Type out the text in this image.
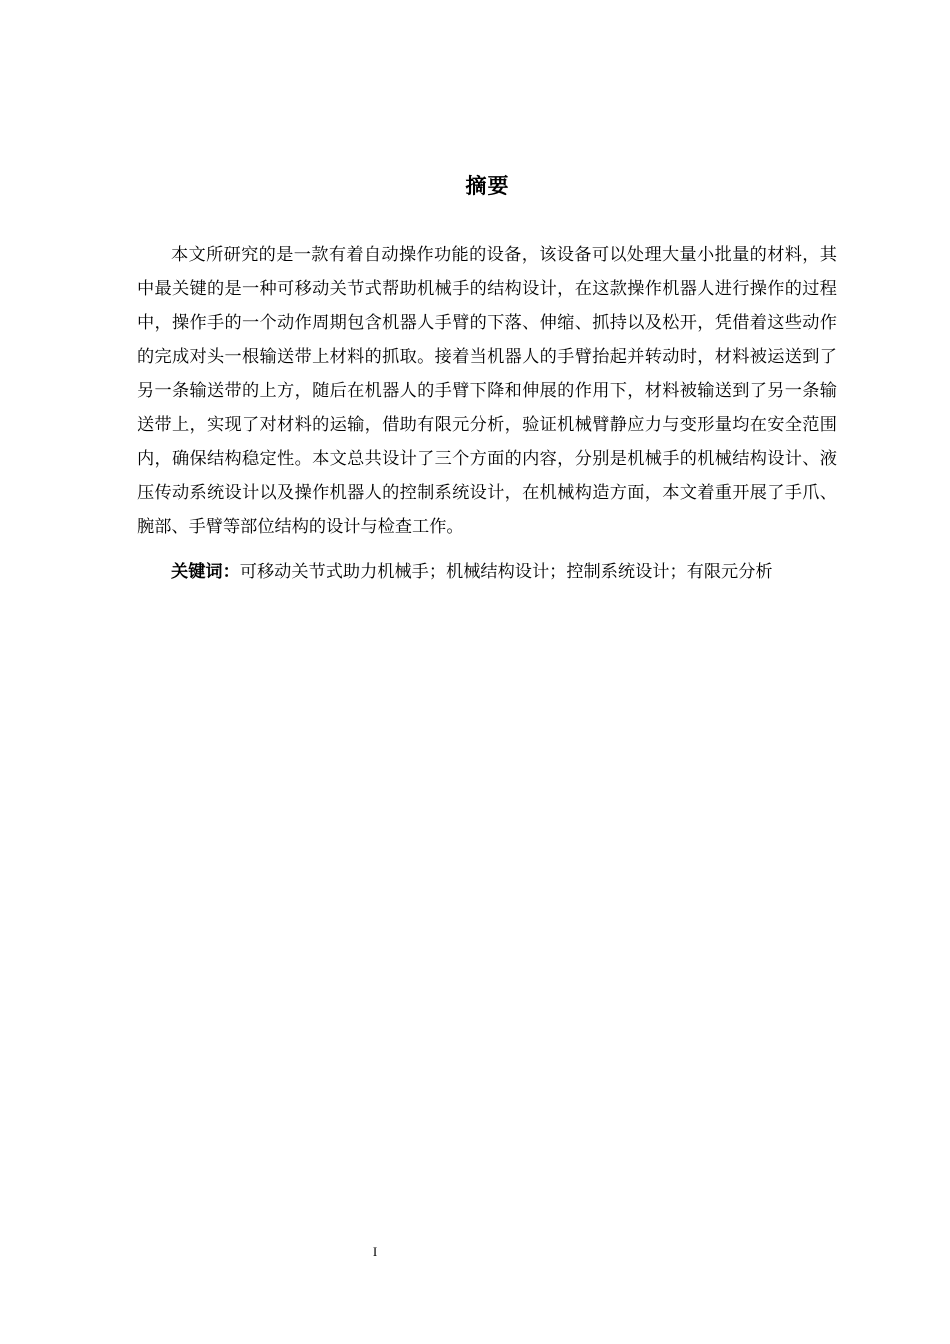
摘要

本文所研究的是一款有着自动操作功能的设备，该设备可以处理大量小批量的材料，其中最关键的是一种可移动关节式帮助机械手的结构设计，在这款操作机器人进行操作的过程中，操作手的一个动作周期包含机器人手臂的下落、伸缩、抓持以及松开，凭借着这些动作的完成对头一根输送带上材料的抓取。接着当机器人的手臂抬起并转动时，材料被运送到了另一条输送带的上方，随后在机器人的手臂下降和伸展的作用下，材料被输送到了另一条输送带上，实现了对材料的运输，借助有限元分析，验证机械臂静应力与变形量均在安全范围内，确保结构稳定性。本文总共设计了三个方面的内容，分别是机械手的机械结构设计、液压传动系统设计以及操作机器人的控制系统设计，在机械构造方面，本文着重开展了手爪、腕部、手臂等部位结构的设计与检查工作。

关键词：可移动关节式助力机械手；机械结构设计；控制系统设计；有限元分析

I
